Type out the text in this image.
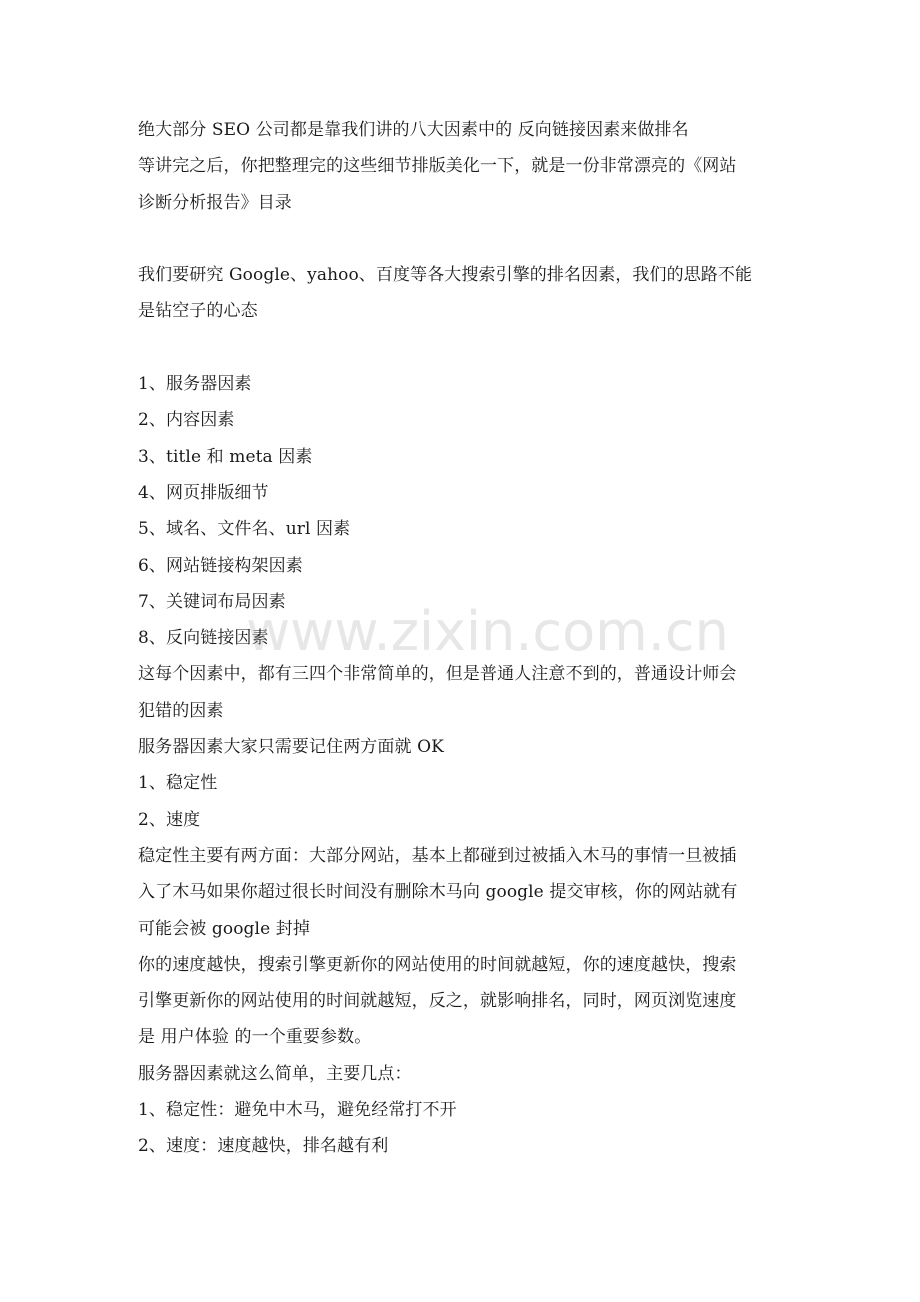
绝大部分 SEO 公司都是靠我们讲的八大因素中的 反向链接因素来做排名
等讲完之后，你把整理完的这些细节排版美化一下，就是一份非常漂亮的《网站
诊断分析报告》目录
我们要研究 Google、yahoo、百度等各大搜索引擎的排名因素，我们的思路不能
是钻空子的心态
1、服务器因素
2、内容因素
3、title 和 meta 因素
4、网页排版细节
5、域名、文件名、url 因素
6、网站链接构架因素
7、关键词布局因素
8、反向链接因素
这每个因素中，都有三四个非常简单的，但是普通人注意不到的，普通设计师会
犯错的因素
服务器因素大家只需要记住两方面就 OK
1、稳定性
2、速度
稳定性主要有两方面：大部分网站，基本上都碰到过被插入木马的事情一旦被插
入了木马如果你超过很长时间没有删除木马向 google 提交审核，你的网站就有
可能会被 google 封掉
你的速度越快，搜索引擎更新你的网站使用的时间就越短，你的速度越快，搜索
引擎更新你的网站使用的时间就越短，反之，就影响排名，同时，网页浏览速度
是 用户体验 的一个重要参数。
服务器因素就这么简单，主要几点：
1、稳定性：避免中木马，避免经常打不开
2、速度：速度越快，排名越有利
www.zixin.com.cn
